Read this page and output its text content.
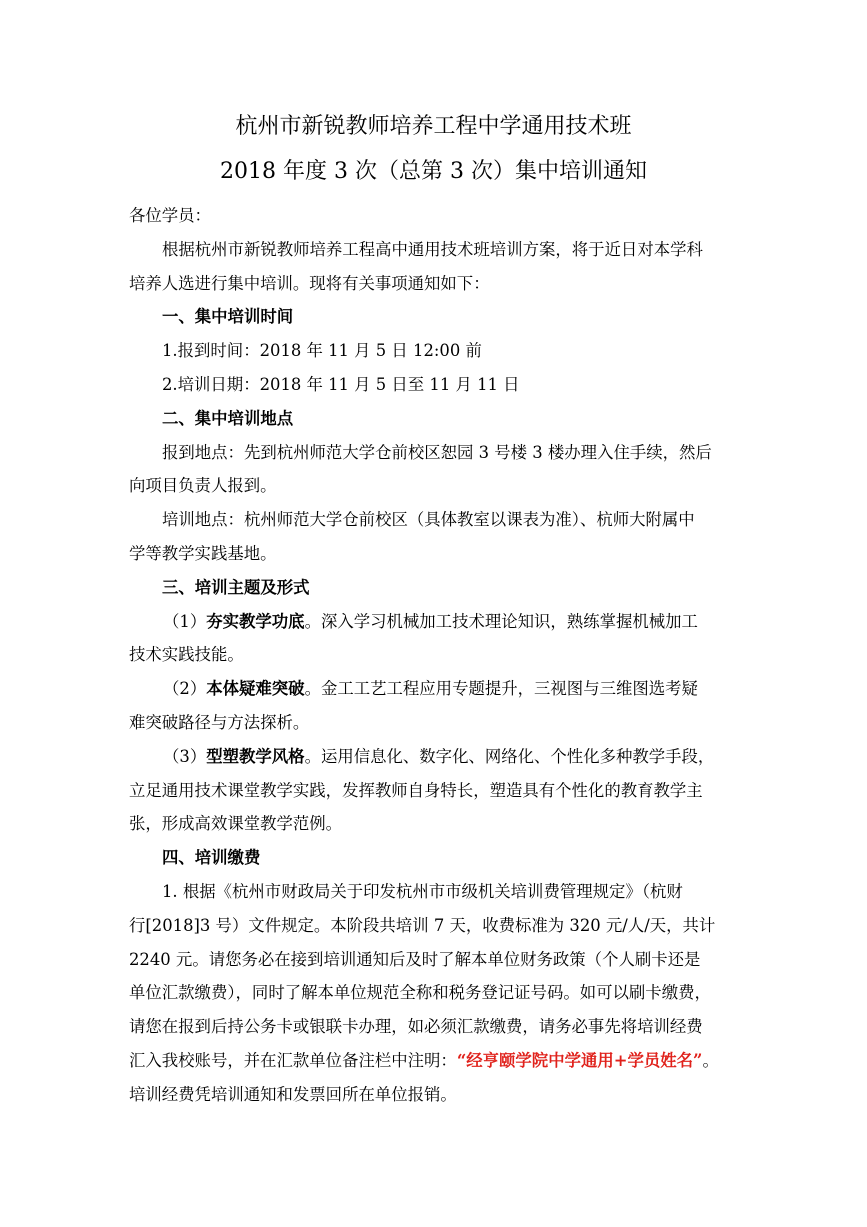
杭州市新锐教师培养工程中学通用技术班
2018 年度 3 次（总第 3 次）集中培训通知
各位学员：
根据杭州市新锐教师培养工程高中通用技术班培训方案，将于近日对本学科
培养人选进行集中培训。现将有关事项通知如下：
一、集中培训时间
1.报到时间：2018 年 11 月 5 日 12:00 前
2.培训日期：2018 年 11 月 5 日至 11 月 11 日
二、集中培训地点
报到地点：先到杭州师范大学仓前校区恕园 3 号楼 3 楼办理入住手续，然后
向项目负责人报到。
培训地点：杭州师范大学仓前校区（具体教室以课表为准）、杭师大附属中
学等教学实践基地。
三、培训主题及形式
（1）夯实教学功底。深入学习机械加工技术理论知识，熟练掌握机械加工
技术实践技能。
（2）本体疑难突破。金工工艺工程应用专题提升，三视图与三维图选考疑
难突破路径与方法探析。
（3）型塑教学风格。运用信息化、数字化、网络化、个性化多种教学手段，
立足通用技术课堂教学实践，发挥教师自身特长，塑造具有个性化的教育教学主
张，形成高效课堂教学范例。
四、培训缴费
1. 根据《杭州市财政局关于印发杭州市市级机关培训费管理规定》（杭财
行[2018]3 号）文件规定。本阶段共培训 7 天，收费标准为 320 元/人/天，共计
2240 元。请您务必在接到培训通知后及时了解本单位财务政策（个人刷卡还是
单位汇款缴费），同时了解本单位规范全称和税务登记证号码。如可以刷卡缴费，
请您在报到后持公务卡或银联卡办理，如必须汇款缴费，请务必事先将培训经费
汇入我校账号，并在汇款单位备注栏中注明：“经亨颐学院中学通用+学员姓名”。
培训经费凭培训通知和发票回所在单位报销。
